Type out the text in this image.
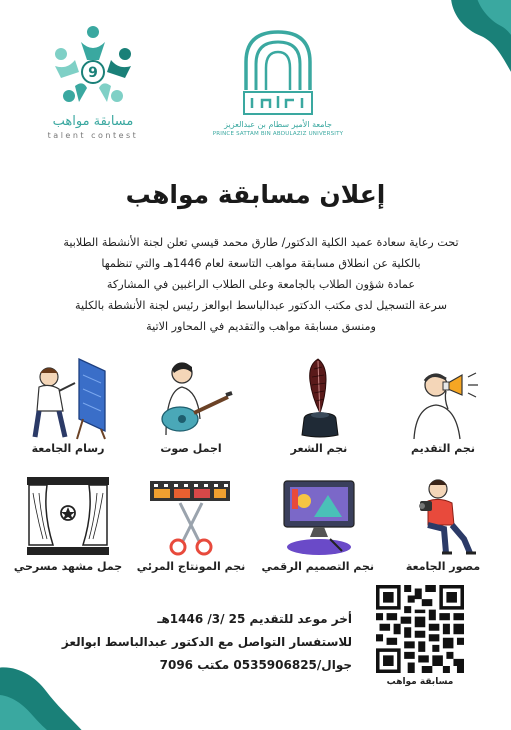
9
مسابقة مواهب
talent contest
جامعة الأمير سطام بن عبدالعزيز
PRINCE SATTAM BIN ABDULAZIZ UNIVERSITY
إعلان مسابقة مواهب

تحت رعاية سعادة عميد الكلية الدكتور/ طارق محمد قيسي تعلن لجنة الأنشطة الطلابية

بالكلية عن انطلاق مسابقة مواهب التاسعة لعام 1446هـ والتي تنظمها

عمادة شؤون الطلاب بالجامعة وعلى الطلاب الراغبين في المشاركة

سرعة التسجيل لدى مكتب الدكتور عبدالباسط ابوالعز رئيس لجنة الأنشطة بالكلية

ومنسق مسابقة مواهب والتقديم في المحاور الاتية

نجم التقديم
نجم الشعر
اجمل صوت
رسام الجامعة
مصور الجامعة
نجم التصميم الرقمي
نجم المونتاج المرئي
جمل مشهد مسرحي

أخر موعد للتقديم 25 /3/ 1446هـ

للاستفسار التواصل مع الدكتور عبدالباسط ابوالعز

جوال/0535906825 مكتب 7096

مسابقة مواهب
